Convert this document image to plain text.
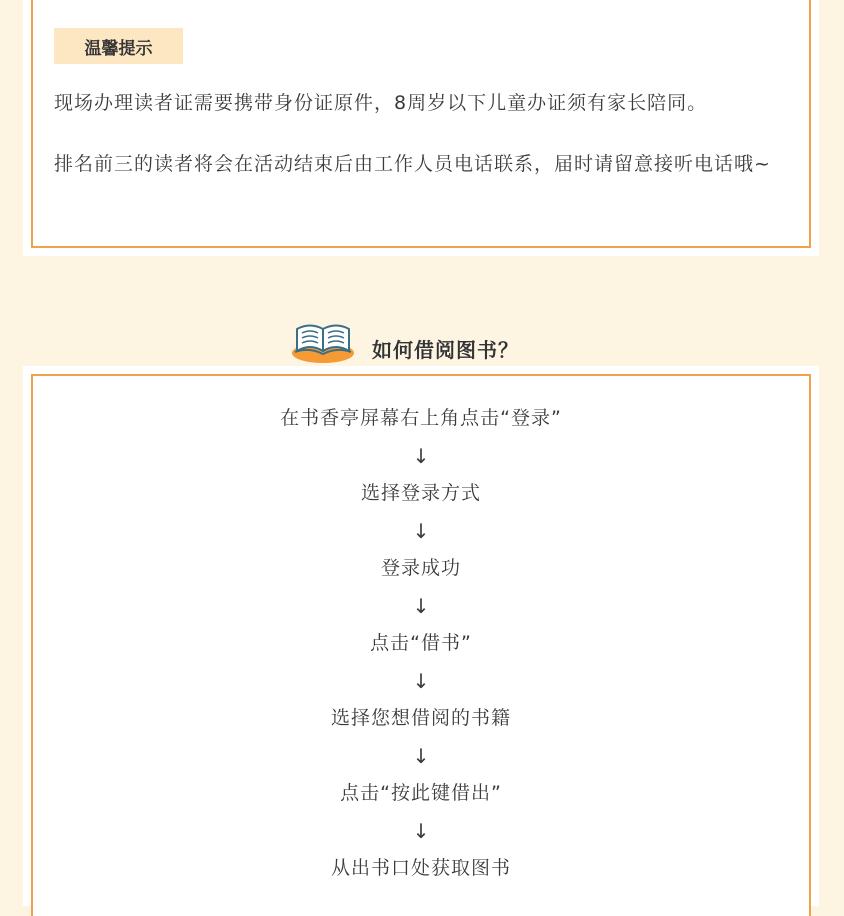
温馨提示

现场办理读者证需要携带身份证原件，8周岁以下儿童办证须有家长陪同。

排名前三的读者将会在活动结束后由工作人员电话联系，届时请留意接听电话哦~

如何借阅图书？
在书香亭屏幕右上角点击“登录”
↓
选择登录方式
↓
登录成功
↓
点击“借书”
↓
选择您想借阅的书籍
↓
点击“按此键借出”
↓
从出书口处获取图书
